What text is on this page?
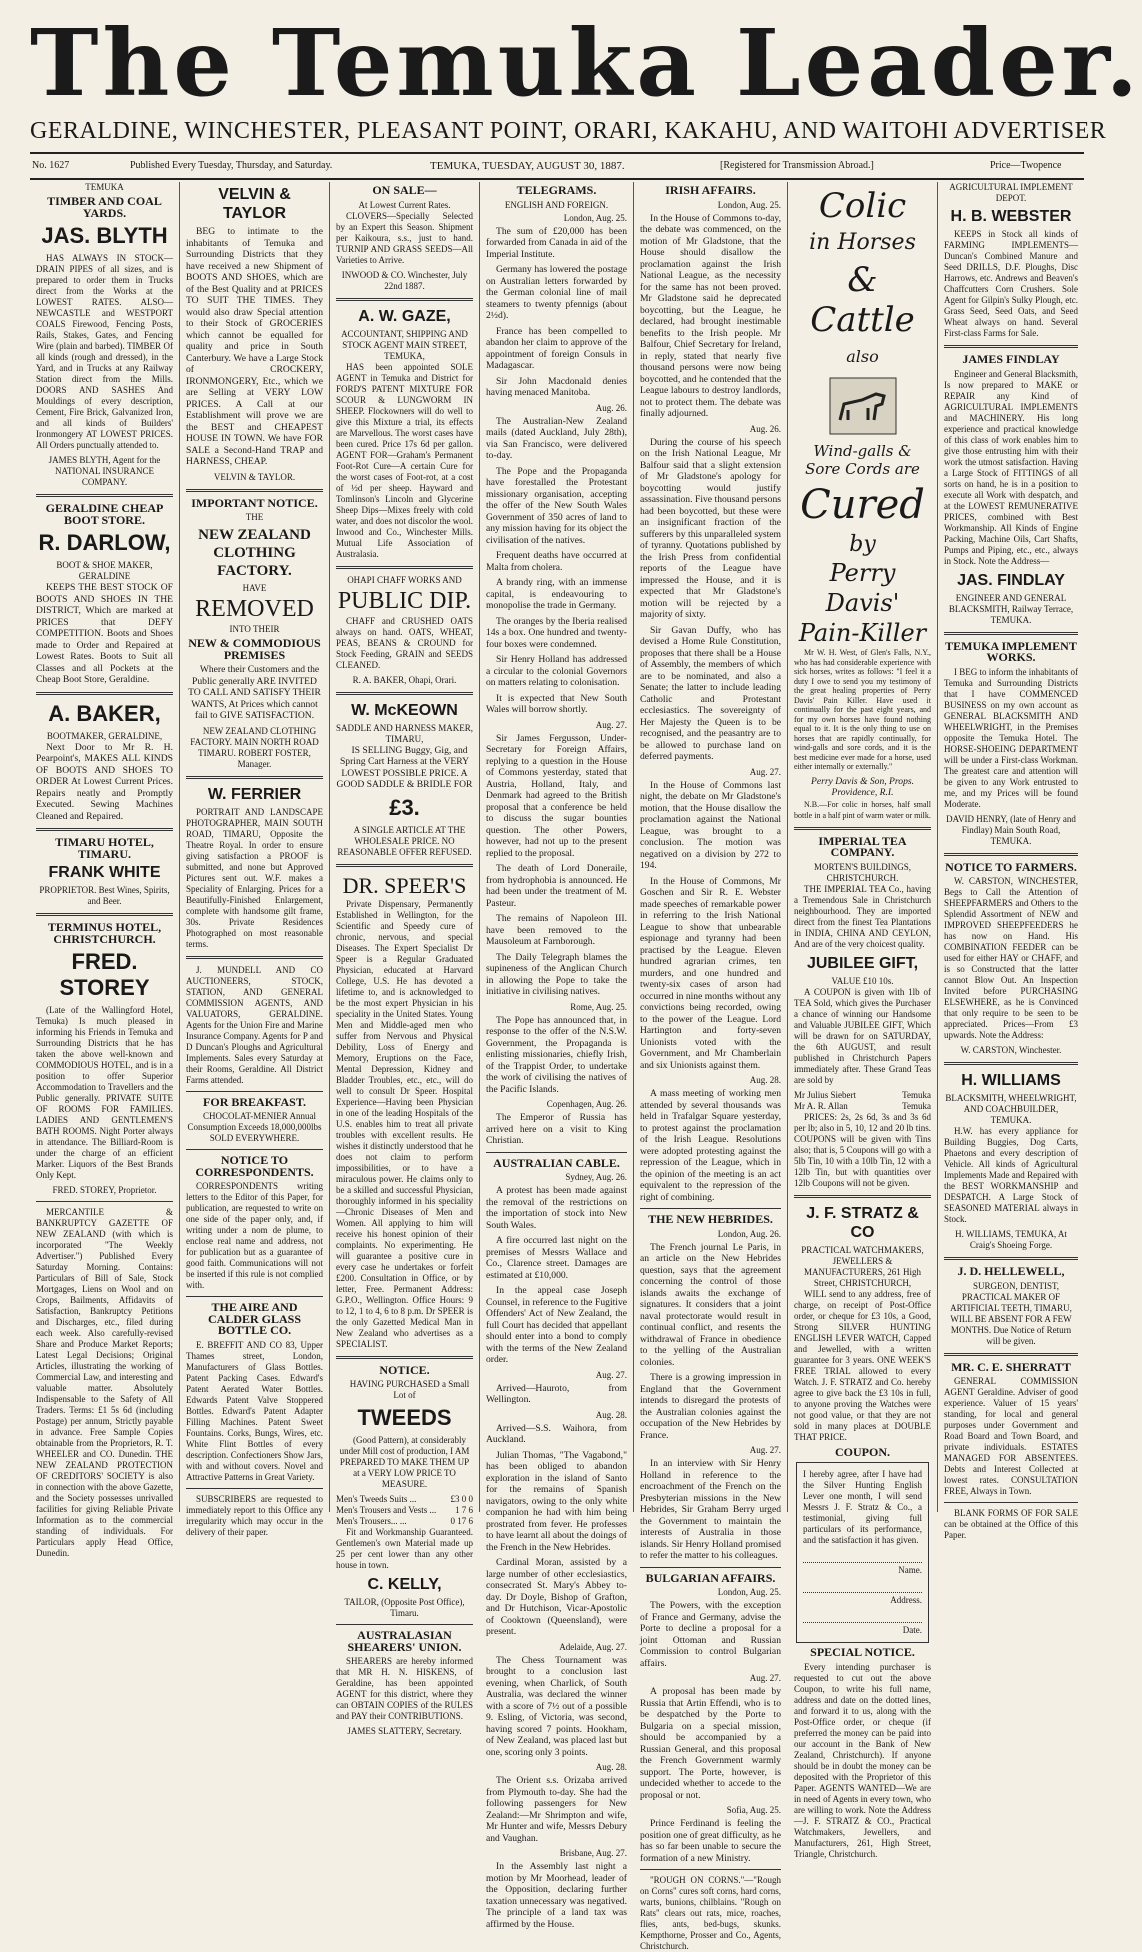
The Temuka Leader.
GERALDINE, WINCHESTER, PLEASANT POINT, ORARI, KAKAHU, AND WAITOHI ADVERTISER
No. 1627	Published Every Tuesday, Thursday, and Saturday.	TEMUKA, TUESDAY, AUGUST 30, 1887.	[Registered for Transmission Abroad.]	Price—Twopence
TEMUKA
TIMBER AND COAL YARDS.
JAS. BLYTH

HAS ALWAYS IN STOCK—DRAIN PIPES of all sizes, and is prepared to order them in Trucks direct from the Works at the LOWEST RATES. ALSO—NEWCASTLE and WESTPORT COALS Firewood, Fencing Posts, Rails, Stakes, Gates, and Fencing Wire (plain and barbed). TIMBER Of all kinds (rough and dressed), in the Yard, and in Trucks at any Railway Station direct from the Mills. DOORS AND SASHES And Mouldings of every description, Cement, Fire Brick, Galvanized Iron, and all kinds of Builders' Ironmongery AT LOWEST PRICES. All Orders punctually attended to.

JAMES BLYTH, Agent for the NATIONAL INSURANCE COMPANY.
GERALDINE CHEAP BOOT STORE.
R. DARLOW,
BOOT & SHOE MAKER, GERALDINE

KEEPS THE BEST STOCK OF BOOTS AND SHOES IN THE DISTRICT, Which are marked at PRICES that DEFY COMPETITION. Boots and Shoes made to Order and Repaired at Lowest Rates. Boots to Suit all Classes and all Pockets at the Cheap Boot Store, Geraldine.

A. BAKER,
BOOTMAKER, GERALDINE,

Next Door to Mr R. H. Pearpoint's, MAKES ALL KINDS OF BOOTS AND SHOES TO ORDER At Lowest Current Prices. Repairs neatly and Promptly Executed. Sewing Machines Cleaned and Repaired.

TIMARU HOTEL, TIMARU.
FRANK WHITE
PROPRIETOR. Best Wines, Spirits, and Beer.
TERMINUS HOTEL, CHRISTCHURCH.
FRED. STOREY

(Late of the Wallingford Hotel, Temuka) Is much pleased in informing his Friends in Temuka and Surrounding Districts that he has taken the above well-known and COMMODIOUS HOTEL, and is in a position to offer Superior Accommodation to Travellers and the Public generally. PRIVATE SUITE OF ROOMS FOR FAMILIES. LADIES AND GENTLEMEN'S BATH ROOMS. Night Porter always in attendance. The Billiard-Room is under the charge of an efficient Marker. Liquors of the Best Brands Only Kept.

FRED. STOREY, Proprietor.

MERCANTILE & BANKRUPTCY GAZETTE OF NEW ZEALAND (with which is incorporated "The Weekly Advertiser.") Published Every Saturday Morning. Contains: Particulars of Bill of Sale, Stock Mortgages, Liens on Wool and on Crops, Bailments, Affidavits of Satisfaction, Bankruptcy Petitions and Discharges, etc., filed during each week. Also carefully-revised Share and Produce Market Reports; Latest Legal Decisions; Original Articles, illustrating the working of Commercial Law, and interesting and valuable matter. Absolutely Indispensable to the Safety of All Traders. Terms: £1 5s 6d (including Postage) per annum, Strictly payable in advance. Free Sample Copies obtainable from the Proprietors, R. T. WHEELER and CO. Dunedin. THE NEW ZEALAND PROTECTION OF CREDITORS' SOCIETY is also in connection with the above Gazette, and the Society possesses unrivalled facilities for giving Reliable Private Information as to the commercial standing of individuals. For Particulars apply Head Office, Dunedin.

VELVIN & TAYLOR

BEG to intimate to the inhabitants of Temuka and Surrounding Districts that they have received a new Shipment of BOOTS AND SHOES, which are of the Best Quality and at PRICES TO SUIT THE TIMES. They would also draw Special attention to their Stock of GROCERIES which cannot be equalled for quality and price in South Canterbury. We have a Large Stock of CROCKERY, IRONMONGERY, Etc., which we are Selling at VERY LOW PRICES. A Call at our Establishment will prove we are the BEST and CHEAPEST HOUSE IN TOWN. We have FOR SALE a Second-Hand TRAP and HARNESS, CHEAP.

VELVIN & TAYLOR.
IMPORTANT NOTICE.
THE
NEW ZEALAND CLOTHING FACTORY.
HAVE
REMOVED
INTO THEIR
NEW & COMMODIOUS PREMISES

Where their Customers and the Public generally ARE INVITED TO CALL AND SATISFY THEIR WANTS, At Prices which cannot fail to GIVE SATISFACTION.

NEW ZEALAND CLOTHING FACTORY. MAIN NORTH ROAD TIMARU. ROBERT FOSTER, Manager.

W. FERRIER

PORTRAIT AND LANDSCAPE PHOTOGRAPHER, MAIN SOUTH ROAD, TIMARU, Opposite the Theatre Royal. In order to ensure giving satisfaction a PROOF is submitted, and none but Approved Pictures sent out. W.F. makes a Speciality of Enlarging. Prices for a Beautifully-Finished Enlargement, complete with handsome gilt frame, 30s. Private Residences Photographed on most reasonable terms.

J. MUNDELL AND CO AUCTIONEERS, STOCK, STATION, AND GENERAL COMMISSION AGENTS, AND VALUATORS, GERALDINE. Agents for the Union Fire and Marine Insurance Company. Agents for P and D Duncan's Ploughs and Agricultural Implements. Sales every Saturday at their Rooms, Geraldine. All District Farms attended.

FOR BREAKFAST.

CHOCOLAT-MENIER Annual Consumption Exceeds 18,000,000lbs SOLD EVERYWHERE.

NOTICE TO CORRESPONDENTS.

CORRESPONDENTS writing letters to the Editor of this Paper, for publication, are requested to write on one side of the paper only, and, if writing under a nom de plume, to enclose real name and address, not for publication but as a guarantee of good faith. Communications will not be inserted if this rule is not complied with.

THE AIRE AND CALDER GLASS BOTTLE CO.

E. BREFFIT AND CO 83, Upper Thames street, London, Manufacturers of Glass Bottles. Patent Packing Cases. Edward's Patent Aerated Water Bottles. Edwards Patent Valve Stoppered Bottles. Edward's Patent Adapter Filling Machines. Patent Sweet Fountains. Corks, Bungs, Wires, etc. White Flint Bottles of every description. Confectioners Show Jars, with and without covers. Novel and Attractive Patterns in Great Variety.

SUBSCRIBERS are requested to immediately report to this Office any irregularity which may occur in the delivery of their paper.

ON SALE—
At Lowest Current Rates.

CLOVERS—Specially Selected by an Expert this Season. Shipment per Kaikoura, s.s., just to hand. TURNIP AND GRASS SEEDS—All Varieties to Arrive.

INWOOD & CO. Winchester, July 22nd 1887.
A. W. GAZE,
ACCOUNTANT, SHIPPING AND STOCK AGENT MAIN STREET, TEMUKA,

HAS been appointed SOLE AGENT in Temuka and District for FORD'S PATENT MIXTURE FOR SCOUR & LUNGWORM IN SHEEP. Flockowners will do well to give this Mixture a trial, its effects are Marvellous. The worst cases have been cured. Price 17s 6d per gallon. AGENT FOR—Graham's Permanent Foot-Rot Cure—A certain Cure for the worst cases of Foot-rot, at a cost of ½d per sheep. Hayward and Tomlinson's Lincoln and Glycerine Sheep Dips—Mixes freely with cold water, and does not discolor the wool. Inwood and Co., Winchester Mills. Mutual Life Association of Australasia.

OHAPI CHAFF WORKS AND
PUBLIC DIP.

CHAFF and CRUSHED OATS always on hand. OATS, WHEAT, PEAS, BEANS & CROUND for Stock Feeding, GRAIN and SEEDS CLEANED.

R. A. BAKER, Ohapi, Orari.
W. McKEOWN
SADDLE AND HARNESS MAKER, TIMARU,

IS SELLING Buggy, Gig, and Spring Cart Harness at the VERY LOWEST POSSIBLE PRICE. A GOOD SADDLE & BRIDLE FOR

£3.

A SINGLE ARTICLE AT THE WHOLESALE PRICE. NO REASONABLE OFFER REFUSED.

DR. SPEER'S

Private Dispensary, Permanently Established in Wellington, for the Scientific and Speedy cure of chronic, nervous, and special Diseases. The Expert Specialist Dr Speer is a Regular Graduated Physician, educated at Harvard College, U.S. He has devoted a lifetime to, and is acknowledged to be the most expert Physician in his speciality in the United States. Young Men and Middle-aged men who suffer from Nervous and Physical Debility, Loss of Energy and Memory, Eruptions on the Face, Mental Depression, Kidney and Bladder Troubles, etc., etc., will do well to consult Dr Speer. Hospital Experience—Having been Physician in one of the leading Hospitals of the U.S. enables him to treat all private troubles with excellent results. He wishes it distinctly understood that he does not claim to perform impossibilities, or to have a miraculous power. He claims only to be a skilled and successful Physician, thoroughly informed in his speciality—Chronic Diseases of Men and Women. All applying to him will receive his honest opinion of their complaints. No experimenting. He will guarantee a positive cure in every case he undertakes or forfeit £200. Consultation in Office, or by letter, Free. Permanent Address: G.P.O., Wellington. Office Hours: 9 to 12, 1 to 4, 6 to 8 p.m. Dr SPEER is the only Gazetted Medical Man in New Zealand who advertises as a SPECIALIST.

NOTICE.

HAVING PURCHASED a Small Lot of

TWEEDS

(Good Pattern), at considerably under Mill cost of production, I AM PREPARED TO MAKE THEM UP at a VERY LOW PRICE TO MEASURE.

Men's Tweeds Suits ...	£3 0 0
Men's Trousers and Vests ... 1 7 6
Men's Trousers... ...	0 17 6

Fit and Workmanship Guaranteed. Gentlemen's own Material made up 25 per cent lower than any other house in town.

C. KELLY,
TAILOR, (Opposite Post Office), Timaru.
AUSTRALASIAN SHEARERS' UNION.

SHEARERS are hereby informed that MR H. N. HISKENS, of Geraldine, has been appointed AGENT for this district, where they can OBTAIN COPIES of the RULES and PAY their CONTRIBUTIONS.

JAMES SLATTERY, Secretary.
TELEGRAMS.
ENGLISH AND FOREIGN.
London, Aug. 25.

The sum of £20,000 has been forwarded from Canada in aid of the Imperial Institute.

Germany has lowered the postage on Australian letters forwarded by the German colonial line of mail steamers to twenty pfennigs (about 2½d).

France has been compelled to abandon her claim to approve of the appointment of foreign Consuls in Madagascar.

Sir John Macdonald denies having menaced Manitoba.

Aug. 26.

The Australian-New Zealand mails (dated Auckland, July 28th), via San Francisco, were delivered to-day.

The Pope and the Propaganda have forestalled the Protestant missionary organisation, accepting the offer of the New South Wales Government of 350 acres of land to any mission having for its object the civilisation of the natives.

Frequent deaths have occurred at Malta from cholera.

A brandy ring, with an immense capital, is endeavouring to monopolise the trade in Germany.

The oranges by the Iberia realised 14s a box. One hundred and twenty-four boxes were condemned.

Sir Henry Holland has addressed a circular to the colonial Governors on matters relating to colonisation.

It is expected that New South Wales will borrow shortly.

Aug. 27.

Sir James Fergusson, Under-Secretary for Foreign Affairs, replying to a question in the House of Commons yesterday, stated that Austria, Holland, Italy, and Denmark had agreed to the British proposal that a conference be held to discuss the sugar bounties question. The other Powers, however, had not up to the present replied to the proposal.

The death of Lord Doneraile, from hydrophobia is announced. He had been under the treatment of M. Pasteur.

The remains of Napoleon III. have been removed to the Mausoleum at Farnborough.

The Daily Telegraph blames the supineness of the Anglican Church in allowing the Pope to take the initiative in civilising natives.

Rome, Aug. 25.

The Pope has announced that, in response to the offer of the N.S.W. Government, the Propaganda is enlisting missionaries, chiefly Irish, of the Trappist Order, to undertake the work of civilising the natives of the Pacific Islands.

Copenhagen, Aug. 26.

The Emperor of Russia has arrived here on a visit to King Christian.

AUSTRALIAN CABLE.
Sydney, Aug. 26.

A protest has been made against the removal of the restrictions on the importation of stock into New South Wales.

A fire occurred last night on the premises of Messrs Wallace and Co., Clarence street. Damages are estimated at £10,000.

In the appeal case Joseph Counsel, in reference to the Fugitive Offenders' Act of New Zealand, the full Court has decided that appellant should enter into a bond to comply with the terms of the New Zealand order.

Aug. 27.

Arrived—Hauroto, from Wellington.

Aug. 28.

Arrived—S.S. Waihora, from Auckland.

Julian Thomas, "The Vagabond," has been obliged to abandon exploration in the island of Santo for the remains of Spanish navigators, owing to the only white companion he had with him being prostrated from fever. He professes to have learnt all about the doings of the French in the New Hebrides.

Cardinal Moran, assisted by a large number of other ecclesiastics, consecrated St. Mary's Abbey to-day. Dr Doyle, Bishop of Grafton, and Dr Hutchison, Vicar-Apostolic of Cooktown (Queensland), were present.

Adelaide, Aug. 27.

The Chess Tournament was brought to a conclusion last evening, when Charlick, of South Australia, was declared the winner with a score of 7½ out of a possible 9. Esling, of Victoria, was second, having scored 7 points. Hookham, of New Zealand, was placed last but one, scoring only 3 points.

Aug. 28.

The Orient s.s. Orizaba arrived from Plymouth to-day. She had the following passengers for New Zealand:—Mr Shrimpton and wife, Mr Hunter and wife, Messrs Debury and Vaughan.

Brisbane, Aug. 27.

In the Assembly last night a motion by Mr Moorhead, leader of the Opposition, declaring further taxation unnecessary was negatived. The principle of a land tax was affirmed by the House.

IRISH AFFAIRS.
London, Aug. 25.

In the House of Commons to-day, the debate was commenced, on the motion of Mr Gladstone, that the House should disallow the proclamation against the Irish National League, as the necessity for the same has not been proved. Mr Gladstone said he deprecated boycotting, but the League, he declared, had brought inestimable benefits to the Irish people. Mr Balfour, Chief Secretary for Ireland, in reply, stated that nearly five thousand persons were now being boycotted, and he contended that the League labours to destroy landlords, not to protect them. The debate was finally adjourned.

Aug. 26.

During the course of his speech on the Irish National League, Mr Balfour said that a slight extension of Mr Gladstone's apology for boycotting would justify assassination. Five thousand persons had been boycotted, but these were an insignificant fraction of the sufferers by this unparalleled system of tyranny. Quotations published by the Irish Press from confidential reports of the League have impressed the House, and it is expected that Mr Gladstone's motion will be rejected by a majority of sixty.

Sir Gavan Duffy, who has devised a Home Rule Constitution, proposes that there shall be a House of Assembly, the members of which are to be nominated, and also a Senate; the latter to include leading Catholic and Protestant ecclesiastics. The sovereignty of Her Majesty the Queen is to be recognised, and the peasantry are to be allowed to purchase land on deferred payments.

Aug. 27.

In the House of Commons last night, the debate on Mr Gladstone's motion, that the House disallow the proclamation against the National League, was brought to a conclusion. The motion was negatived on a division by 272 to 194.

In the House of Commons, Mr Goschen and Sir R. E. Webster made speeches of remarkable power in referring to the Irish National League to show that unbearable espionage and tyranny had been practised by the League. Eleven hundred agrarian crimes, ten murders, and one hundred and twenty-six cases of arson had occurred in nine months without any convictions being recorded, owing to the power of the League. Lord Hartington and forty-seven Unionists voted with the Government, and Mr Chamberlain and six Unionists against them.

Aug. 28.

A mass meeting of working men attended by several thousands was held in Trafalgar Square yesterday, to protest against the proclamation of the Irish League. Resolutions were adopted protesting against the repression of the League, which in the opinion of the meeting is an act equivalent to the repression of the right of combining.

THE NEW HEBRIDES.
London, Aug. 26.

The French journal Le Paris, in an article on the New Hebrides question, says that the agreement concerning the control of those islands awaits the exchange of signatures. It considers that a joint naval protectorate would result in continual conflict, and resents the withdrawal of France in obedience to the yelling of the Australian colonies.

There is a growing impression in England that the Government intends to disregard the protests of the Australian colonies against the occupation of the New Hebrides by France.

Aug. 27.

In an interview with Sir Henry Holland in reference to the encroachment of the French on the Presbyterian missions in the New Hebrides, Sir Graham Berry urged the Government to maintain the interests of Australia in those islands. Sir Henry Holland promised to refer the matter to his colleagues.

BULGARIAN AFFAIRS.
London, Aug. 25.

The Powers, with the exception of France and Germany, advise the Porte to decline a proposal for a joint Ottoman and Russian Commission to control Bulgarian affairs.

Aug. 27.

A proposal has been made by Russia that Artin Effendi, who is to be despatched by the Porte to Bulgaria on a special mission, should be accompanied by a Russian General, and this proposal the French Government warmly support. The Porte, however, is undecided whether to accede to the proposal or not.

Sofia, Aug. 25.

Prince Ferdinand is feeling the position one of great difficulty, as he has so far been unable to secure the formation of a new Ministry.

"ROUGH ON CORNS."—"Rough on Corns" cures soft corns, hard corns, warts, bunions, chilblains. "Rough on Rats" clears out rats, mice, roaches, flies, ants, bed-bugs, skunks. Kempthorne, Prosser and Co., Agents, Christchurch.

Colic
in Horses
& Cattle
also
Wind-galls & Sore Cords are
Cured
by
Perry Davis' Pain-Killer

Mr W. H. West, of Glen's Falls, N.Y., who has had considerable experience with sick horses, writes as follows: "I feel it a duty I owe to send you my testimony of the great healing properties of Perry Davis' Pain Killer. Have used it continually for the past eight years, and for my own horses have found nothing equal to it. It is the only thing to use on horses that are rapidly continually, for wind-galls and sore cords, and it is the best medicine ever made for a horse, used either internally or externally."

Perry Davis & Son, Props. Providence, R.I.

N.B.—For colic in horses, half small bottle in a half pint of warm water or milk.

IMPERIAL TEA COMPANY.
MORTEN'S BUILDINGS, CHRISTCHURCH.

THE IMPERIAL TEA Co., having a Tremendous Sale in Christchurch neighbourhood. They are imported direct from the finest Tea Plantations in INDIA, CHINA AND CEYLON, And are of the very choicest quality.

JUBILEE GIFT,
VALUE £10 10s.

A COUPON is given with 1lb of TEA Sold, which gives the Purchaser a chance of winning our Handsome and Valuable JUBILEE GIFT, Which will be drawn for on SATURDAY, the 6th AUGUST, and result published in Christchurch Papers immediately after. These Grand Teas are sold by

Mr Julius Siebert	Temuka
Mr A. R. Allan	Temuka

PRICES: 2s, 2s 6d, 3s and 3s 6d per lb; also in 5, 10, 12 and 20 lb tins. COUPONS will be given with Tins also; that is, 5 Coupons will go with a 5lb Tin, 10 with a 10lb Tin, 12 with a 12lb Tin, but with quantities over 12lb Coupons will not be given.

J. F. STRATZ & CO
PRACTICAL WATCHMAKERS, JEWELLERS & MANUFACTURERS, 261 High Street, CHRISTCHURCH,

WILL send to any address, free of charge, on receipt of Post-Office order, or cheque for £3 10s, a Good, Strong SILVER HUNTING ENGLISH LEVER WATCH, Capped and Jewelled, with a written guarantee for 3 years. ONE WEEK'S FREE TRIAL allowed to every Watch. J. F. STRATZ and Co. hereby agree to give back the £3 10s in full, to anyone proving the Watches were not good value, or that they are not sold in many places at DOUBLE THAT PRICE.

COUPON.
I hereby agree, after I have had the Silver Hunting English Lever one month, I will send Messrs J. F. Stratz & Co., a testimonial, giving full particulars of its performance, and the satisfaction it has given.
Name.
Address.
Date.
SPECIAL NOTICE.

Every intending purchaser is requested to cut out the above Coupon, to write his full name, address and date on the dotted lines, and forward it to us, along with the Post-Office order, or cheque (if preferred the money can be paid into our account in the Bank of New Zealand, Christchurch). If anyone should be in doubt the money can be deposited with the Proprietor of this Paper. AGENTS WANTED—We are in need of Agents in every town, who are willing to work. Note the Address—J. F. STRATZ & CO., Practical Watchmakers, Jewellers, and Manufacturers, 261, High Street, Triangle, Christchurch.

AGRICULTURAL IMPLEMENT DEPOT.
H. B. WEBSTER

KEEPS in Stock all kinds of FARMING IMPLEMENTS—Duncan's Combined Manure and Seed DRILLS, D.F. Ploughs, Disc Harrows, etc. Andrews and Beaven's Chaffcutters Corn Crushers. Sole Agent for Gilpin's Sulky Plough, etc. Grass Seed, Seed Oats, and Seed Wheat always on hand. Several First-class Farms for Sale.

JAMES FINDLAY

Engineer and General Blacksmith, Is now prepared to MAKE or REPAIR any Kind of AGRICULTURAL IMPLEMENTS and MACHINERY. His long experience and practical knowledge of this class of work enables him to give those entrusting him with their work the utmost satisfaction. Having a Large Stock of FITTINGS of all sorts on hand, he is in a position to execute all Work with despatch, and at the LOWEST REMUNERATIVE PRICES, combined with Best Workmanship. All Kinds of Engine Packing, Machine Oils, Cart Shafts, Pumps and Piping, etc., etc., always in Stock. Note the Address—

JAS. FINDLAY
ENGINEER AND GENERAL BLACKSMITH, Railway Terrace, TEMUKA.
TEMUKA IMPLEMENT WORKS.

I BEG to inform the inhabitants of Temuka and Surrounding Districts that I have COMMENCED BUSINESS on my own account as GENERAL BLACKSMITH AND WHEELWRIGHT, in the Premises opposite the Temuka Hotel. The HORSE-SHOEING DEPARTMENT will be under a First-class Workman. The greatest care and attention will be given to any Work entrusted to me, and my Prices will be found Moderate.

DAVID HENRY, (late of Henry and Findlay) Main South Road, TEMUKA.
NOTICE TO FARMERS.

W. CARSTON, WINCHESTER, Begs to Call the Attention of SHEEPFARMERS and Others to the Splendid Assortment of NEW and IMPROVED SHEEPFEEDERS he has now on Hand. His COMBINATION FEEDER can be used for either HAY or CHAFF, and is so Constructed that the latter cannot Blow Out. An Inspection Invited before PURCHASING ELSEWHERE, as he is Convinced that only require to be seen to be appreciated. Prices—From £3 upwards. Note the Address:

W. CARSTON, Winchester.
H. WILLIAMS
BLACKSMITH, WHEELWRIGHT, AND COACHBUILDER, TEMUKA.

H.W. has every appliance for Building Buggies, Dog Carts, Phaetons and every description of Vehicle. All kinds of Agricultural Implements Made and Repaired with the BEST WORKMANSHIP and DESPATCH. A Large Stock of SEASONED MATERIAL always in Stock.

H. WILLIAMS, TEMUKA, At Craig's Shoeing Forge.
J. D. HELLEWELL,

SURGEON, DENTIST, PRACTICAL MAKER OF ARTIFICIAL TEETH, TIMARU, WILL BE ABSENT FOR A FEW MONTHS. Due Notice of Return will be given.

MR. C. E. SHERRATT

GENERAL COMMISSION AGENT Geraldine. Adviser of good experience. Valuer of 15 years' standing, for local and general purposes under Government and Road Board and Town Board, and private individuals. ESTATES MANAGED FOR ABSENTEES. Debts and Interest Collected at lowest rates. CONSULTATION FREE, Always in Town.

BLANK FORMS OF FOR SALE can be obtained at the Office of this Paper.
